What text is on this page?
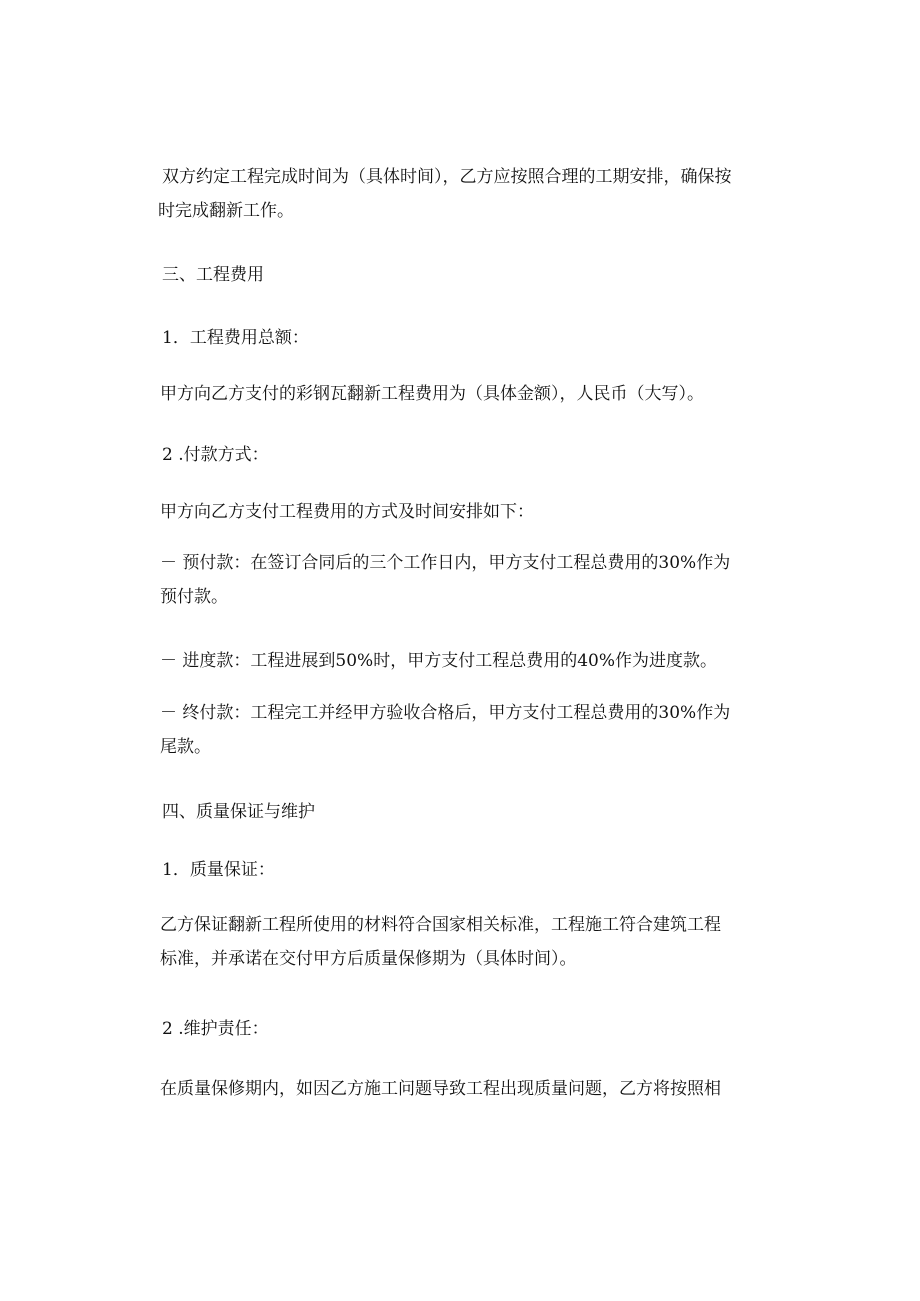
双方约定工程完成时间为（具体时间），乙方应按照合理的工期安排，确保按
时完成翻新工作。
三、工程费用
1．工程费用总额：
甲方向乙方支付的彩钢瓦翻新工程费用为（具体金额），人民币（大写）。
2 .付款方式：
甲方向乙方支付工程费用的方式及时间安排如下：
－ 预付款：在签订合同后的三个工作日内，甲方支付工程总费用的30%作为
预付款。
－ 进度款：工程进展到50%时，甲方支付工程总费用的40%作为进度款。
－ 终付款：工程完工并经甲方验收合格后，甲方支付工程总费用的30%作为
尾款。
四、质量保证与维护
1．质量保证：
乙方保证翻新工程所使用的材料符合国家相关标准，工程施工符合建筑工程
标准，并承诺在交付甲方后质量保修期为（具体时间）。
2 .维护责任：
在质量保修期内，如因乙方施工问题导致工程出现质量问题，乙方将按照相
